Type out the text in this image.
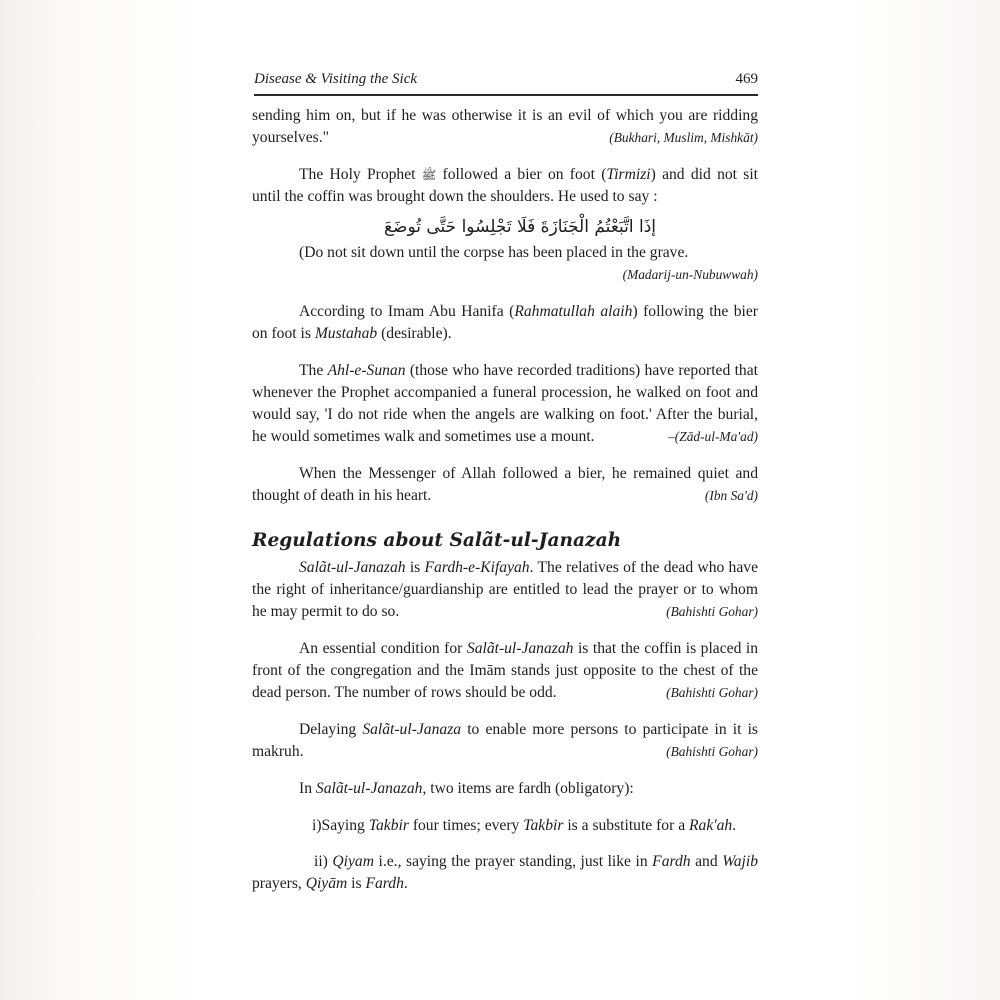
Disease & Visiting the Sick	469

sending him on, but if he was otherwise it is an evil of which you are ridding yourselves."	(Bukhari, Muslim, Mishkāt)

The Holy Prophet ﷺ followed a bier on foot (Tirmizi) and did not sit until the coffin was brought down the shoulders. He used to say :

إذَا اتَّبَعْتُمُ الْجَنَازَةَ فَلَا تَجْلِسُوا حَتَّى تُوضَعَ

(Do not sit down until the corpse has been placed in the grave.

(Madarij-un-Nubuwwah)

According to Imam Abu Hanifa (Rahmatullah alaih) following the bier on foot is Mustahab (desirable).

The Ahl-e-Sunan (those who have recorded traditions) have reported that whenever the Prophet accompanied a funeral procession, he walked on foot and would say, 'I do not ride when the angels are walking on foot.' After the burial, he would sometimes walk and sometimes use a mount.	–(Zād-ul-Ma'ad)

When the Messenger of Allah followed a bier, he remained quiet and thought of death in his heart.	(Ibn Sa'd)

Regulations about Salãt-ul-Janazah

Salãt-ul-Janazah is Fardh-e-Kifayah. The relatives of the dead who have the right of inheritance/guardianship are entitled to lead the prayer or to whom he may permit to do so.	(Bahishti Gohar)

An essential condition for Salãt-ul-Janazah is that the coffin is placed in front of the congregation and the Imām stands just opposite to the chest of the dead person. The number of rows should be odd.	(Bahishti Gohar)

Delaying Salãt-ul-Janaza to enable more persons to participate in it is makruh.	(Bahishti Gohar)

In Salãt-ul-Janazah, two items are fardh (obligatory):

i)Saying Takbir four times; every Takbir is a substitute for a Rak'ah.

ii) Qiyam i.e., saying the prayer standing, just like in Fardh and Wajib prayers, Qiyām is Fardh.
